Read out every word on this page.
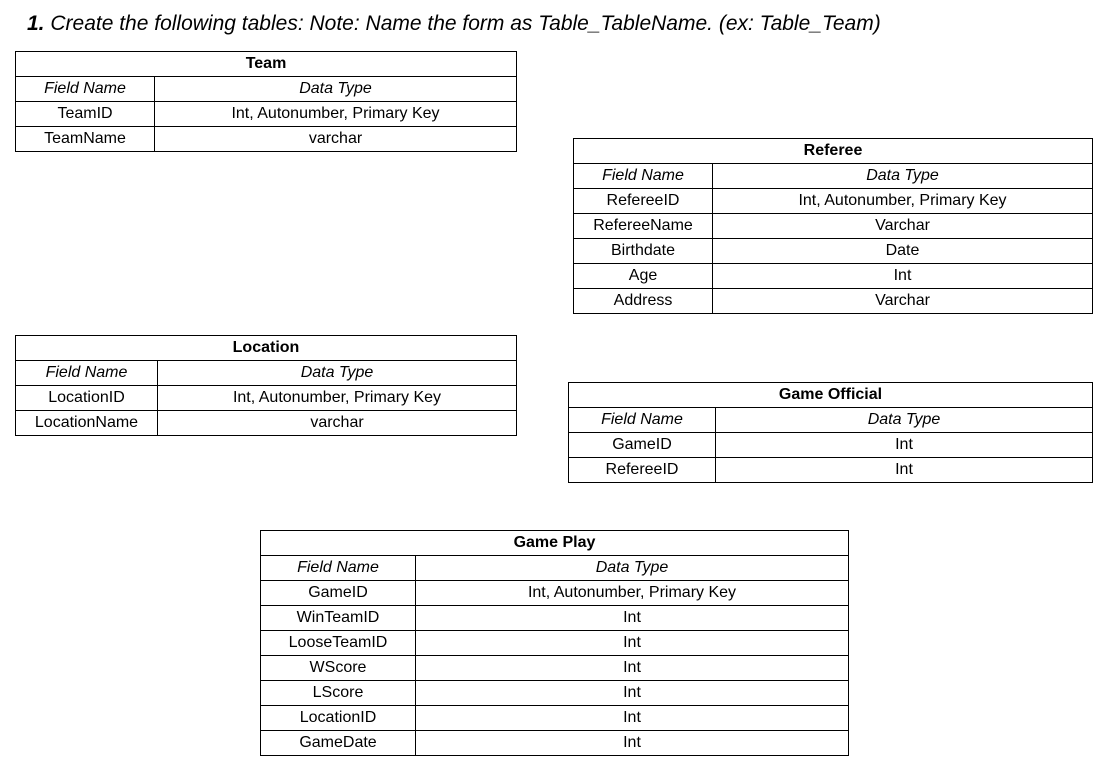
1. Create the following tables: Note: Name the form as Table_TableName. (ex: Table_Team)
Team	
Field Name	Data Type
TeamID	Int, Autonumber, Primary Key
TeamName	varchar
Referee	
Field Name	Data Type
RefereeID	Int, Autonumber, Primary Key
RefereeName	Varchar
Birthdate	Date
Age	Int
Address	Varchar
Location	
Field Name	Data Type
LocationID	Int, Autonumber, Primary Key
LocationName	varchar
Game Official	
Field Name	Data Type
GameID	Int
RefereeID	Int
Game Play	
Field Name	Data Type
GameID	Int, Autonumber, Primary Key
WinTeamID	Int
LooseTeamID	Int
WScore	Int
LScore	Int
LocationID	Int
GameDate	Int
